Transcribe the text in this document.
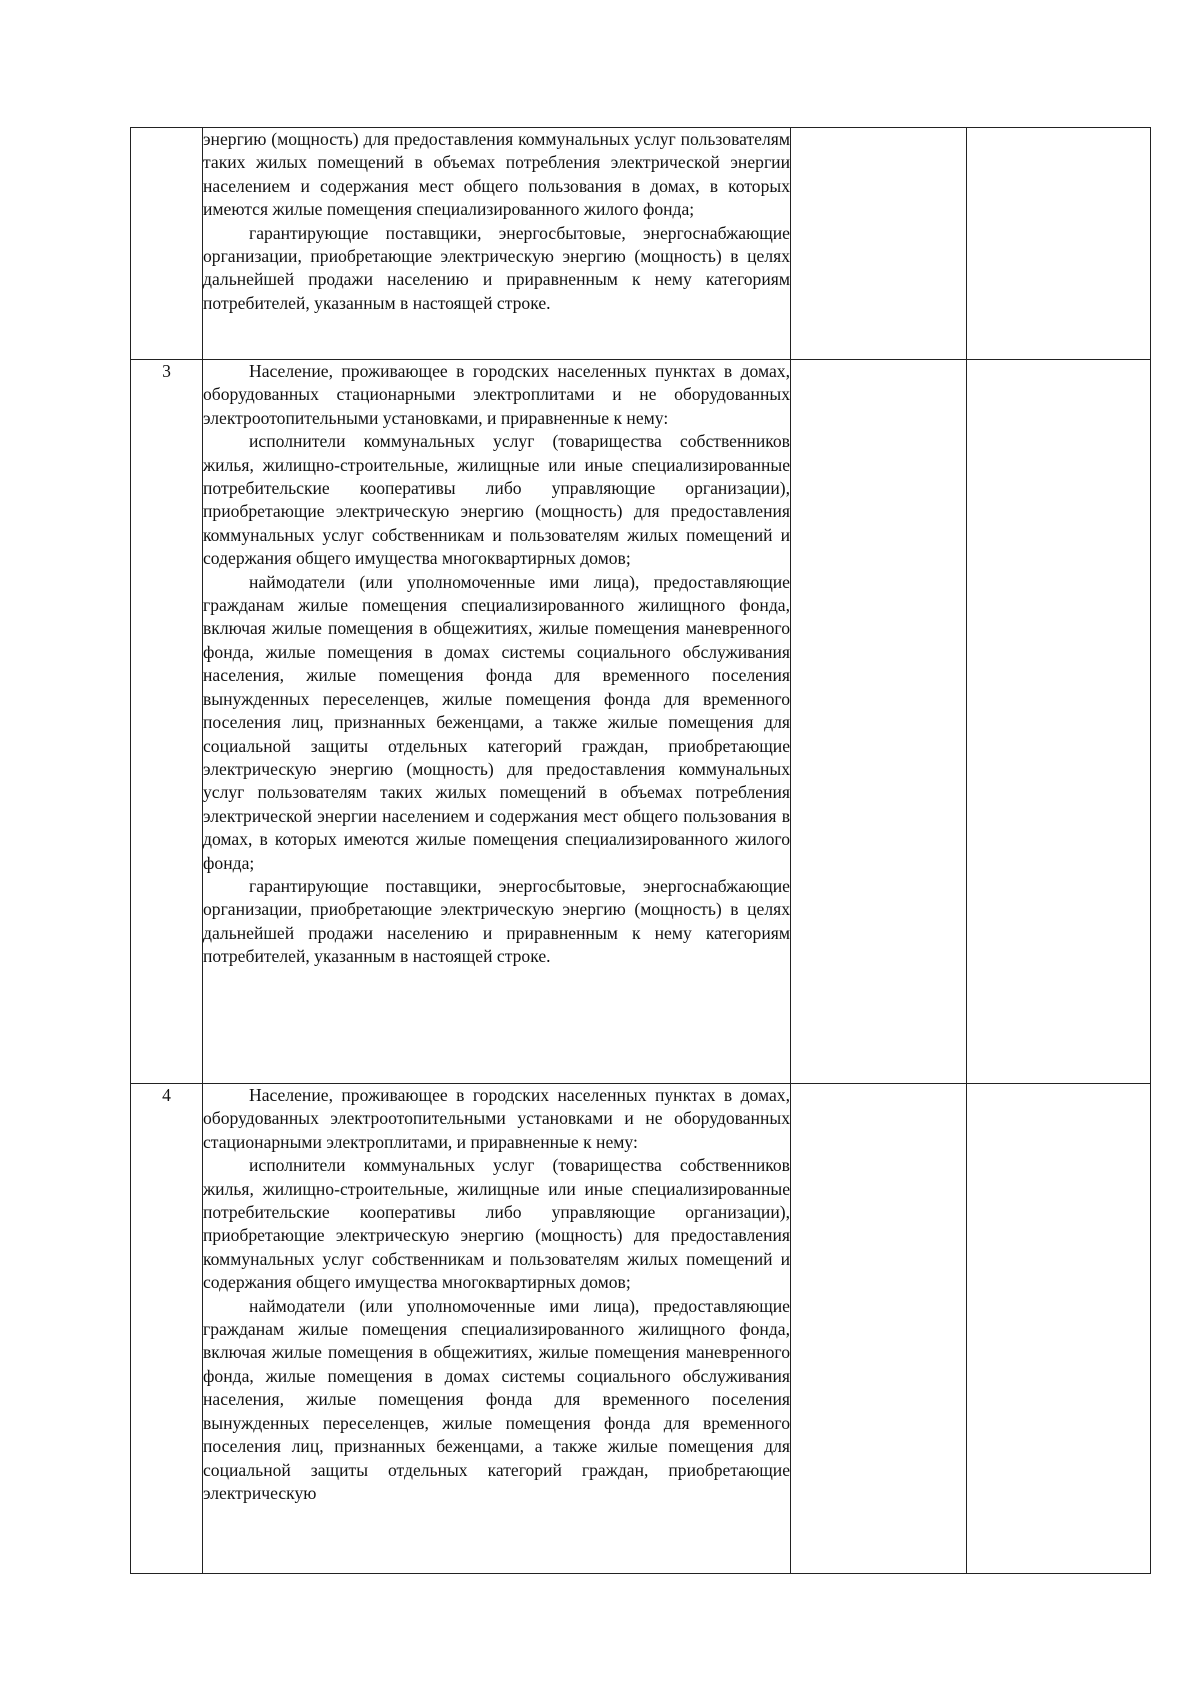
	энергию (мощность) для предоставления коммунальных услуг пользователям таких жилых помещений в объемах потребления электрической энергии населением и содержания мест общего пользования в домах, в которых имеются жилые помещения специализированного жилого фонда;

гарантирующие поставщики, энергосбытовые, энергоснабжающие организации, приобретающие электрическую энергию (мощность) в целях дальнейшей продажи населению и приравненным к нему категориям потребителей, указанным в настоящей строке.		

3	Население, проживающее в городских населенных пунктах в домах, оборудованных стационарными электроплитами и не оборудованных электроотопительными установками, и приравненные к нему:

исполнители коммунальных услуг (товарищества собственников жилья, жилищно-строительные, жилищные или иные специализированные потребительские кооперативы либо управляющие организации), приобретающие электрическую энергию (мощность) для предоставления коммунальных услуг собственникам и пользователям жилых помещений и содержания общего имущества многоквартирных домов;

наймодатели (или уполномоченные ими лица), предоставляющие гражданам жилые помещения специализированного жилищного фонда, включая жилые помещения в общежитиях, жилые помещения маневренного фонда, жилые помещения в домах системы социального обслуживания населения, жилые помещения фонда для временного поселения вынужденных переселенцев, жилые помещения фонда для временного поселения лиц, признанных беженцами, а также жилые помещения для социальной защиты отдельных категорий граждан, приобретающие электрическую энергию (мощность) для предоставления коммунальных услуг пользователям таких жилых помещений в объемах потребления электрической энергии населением и содержания мест общего пользования в домах, в которых имеются жилые помещения специализированного жилого фонда;

гарантирующие поставщики, энергосбытовые, энергоснабжающие организации, приобретающие электрическую энергию (мощность) в целях дальнейшей продажи населению и приравненным к нему категориям потребителей, указанным в настоящей строке.		

4	Население, проживающее в городских населенных пунктах в домах, оборудованных электроотопительными установками и не оборудованных стационарными электроплитами, и приравненные к нему:

исполнители коммунальных услуг (товарищества собственников жилья, жилищно-строительные, жилищные или иные специализированные потребительские кооперативы либо управляющие организации), приобретающие электрическую энергию (мощность) для предоставления коммунальных услуг собственникам и пользователям жилых помещений и содержания общего имущества многоквартирных домов;

наймодатели (или уполномоченные ими лица), предоставляющие гражданам жилые помещения специализированного жилищного фонда, включая жилые помещения в общежитиях, жилые помещения маневренного фонда, жилые помещения в домах системы социального обслуживания населения, жилые помещения фонда для временного поселения вынужденных переселенцев, жилые помещения фонда для временного поселения лиц, признанных беженцами, а также жилые помещения для социальной защиты отдельных категорий граждан, приобретающие электрическую		
